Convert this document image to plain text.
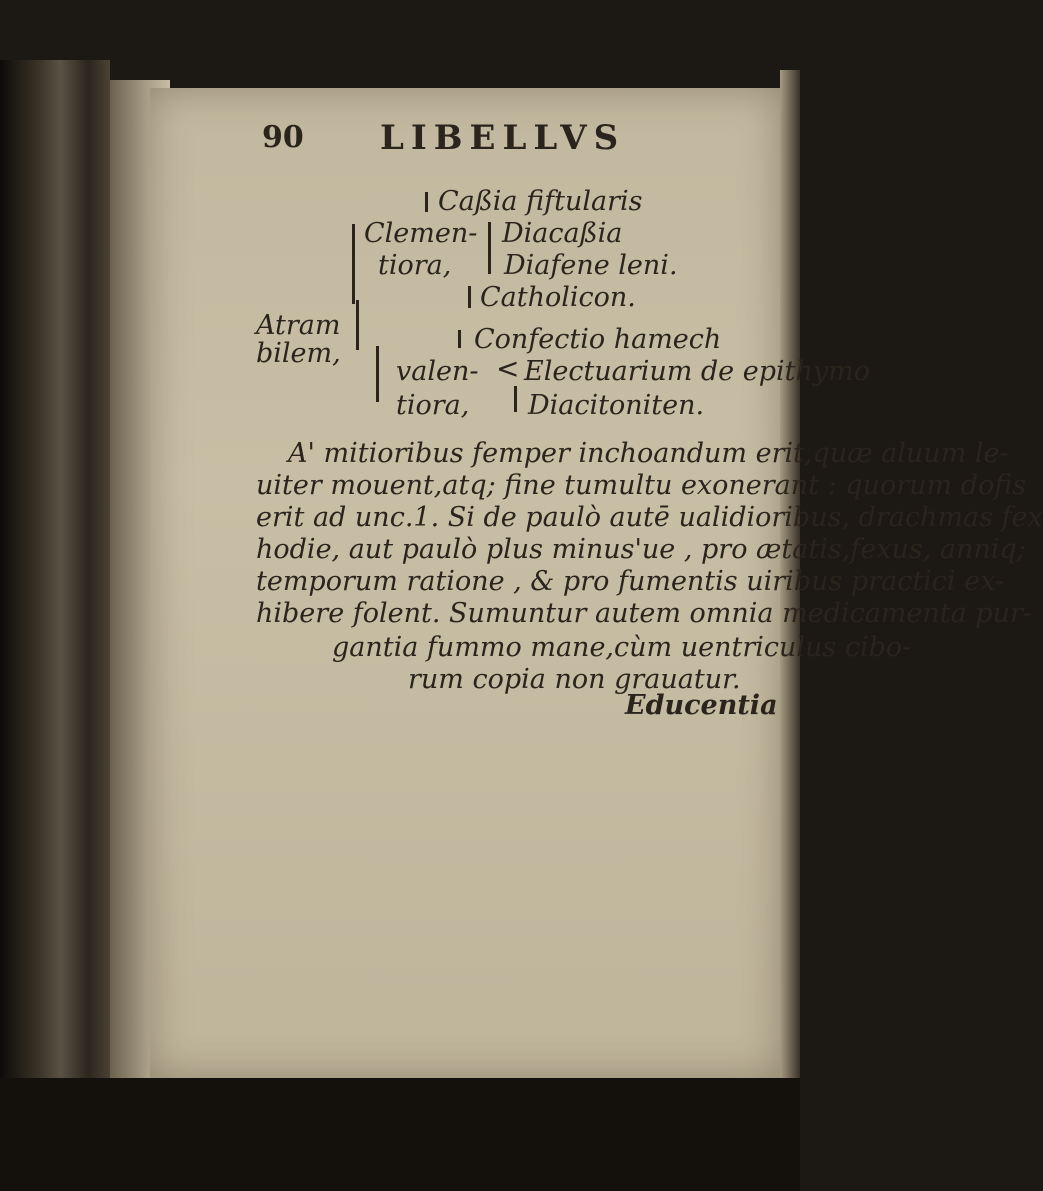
90 LIBELLVS
<
Caßia fiftularis
Clemen- Diacaßia
tiora, Diafene leni.
Catholicon.
Atram
bilem,	Confectio hamech
valen- Electuarium de epithymo
tiora, Diacitoniten.
A' mitioribus femper inchoandum erit,quæ aluum le-
uiter mouent,atq; fine tumultu exonerant : quorum dofis
erit ad unc.1. Si de paulò autē ualidioribus, drachmas fex
hodie, aut paulò plus minus'ue , pro ætatis,fexus, anniq;
temporum ratione , & pro fumentis uiribus practici ex-
hibere folent. Sumuntur autem omnia medicamenta pur-
gantia fummo mane,cùm uentriculus cibo-
rum copia non grauatur.
Educentia
